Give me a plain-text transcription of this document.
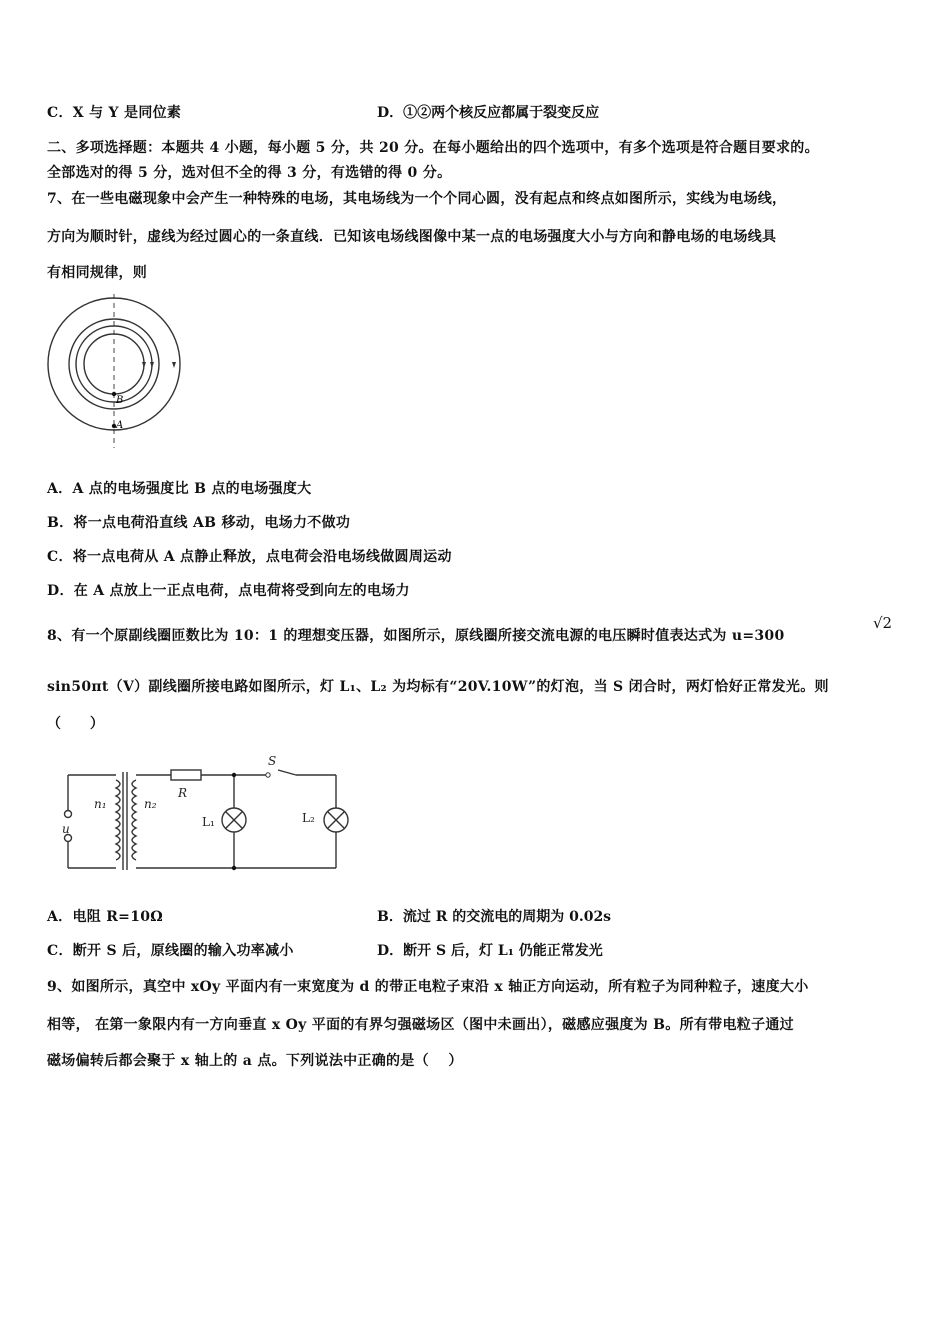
C．X 与 Y 是同位素	D．①②两个核反应都属于裂变反应
二、多项选择题：本题共 4 小题，每小题 5 分，共 20 分。在每小题给出的四个选项中，有多个选项是符合题目要求的。
全部选对的得 5 分，选对但不全的得 3 分，有选错的得 0 分。
7、在一些电磁现象中会产生一种特殊的电场，其电场线为一个个同心圆，没有起点和终点如图所示，实线为电场线，
方向为顺时针，虚线为经过圆心的一条直线．已知该电场线图像中某一点的电场强度大小与方向和静电场的电场线具
有相同规律，则
B
A
A．A 点的电场强度比 B 点的电场强度大
B．将一点电荷沿直线 AB 移动，电场力不做功
C．将一点电荷从 A 点静止释放，点电荷会沿电场线做圆周运动
D．在 A 点放上一正点电荷，点电荷将受到向左的电场力
8、有一个原副线圈匝数比为 10：1 的理想变压器，如图所示，原线圈所接交流电源的电压瞬时值表达式为 u=300
√2
sin50πt（V）副线圈所接电路如图所示，灯 L₁、L₂ 为均标有“20V.10W”的灯泡，当 S 闭合时，两灯恰好正常发光。则
（　　）
n₁	n₂
u
R
S
L₁	L₂
A．电阻 R=10Ω	B．流过 R 的交流电的周期为 0.02s
C．断开 S 后，原线圈的输入功率减小	D．断开 S 后，灯 L₁ 仍能正常发光
9、如图所示，真空中 xOy 平面内有一束宽度为 d 的带正电粒子束沿 x 轴正方向运动，所有粒子为同种粒子，速度大小
相等， 在第一象限内有一方向垂直 x Oy 平面的有界匀强磁场区（图中未画出），磁感应强度为 B。所有带电粒子通过
磁场偏转后都会聚于 x 轴上的 a 点。下列说法中正确的是（　 ）
